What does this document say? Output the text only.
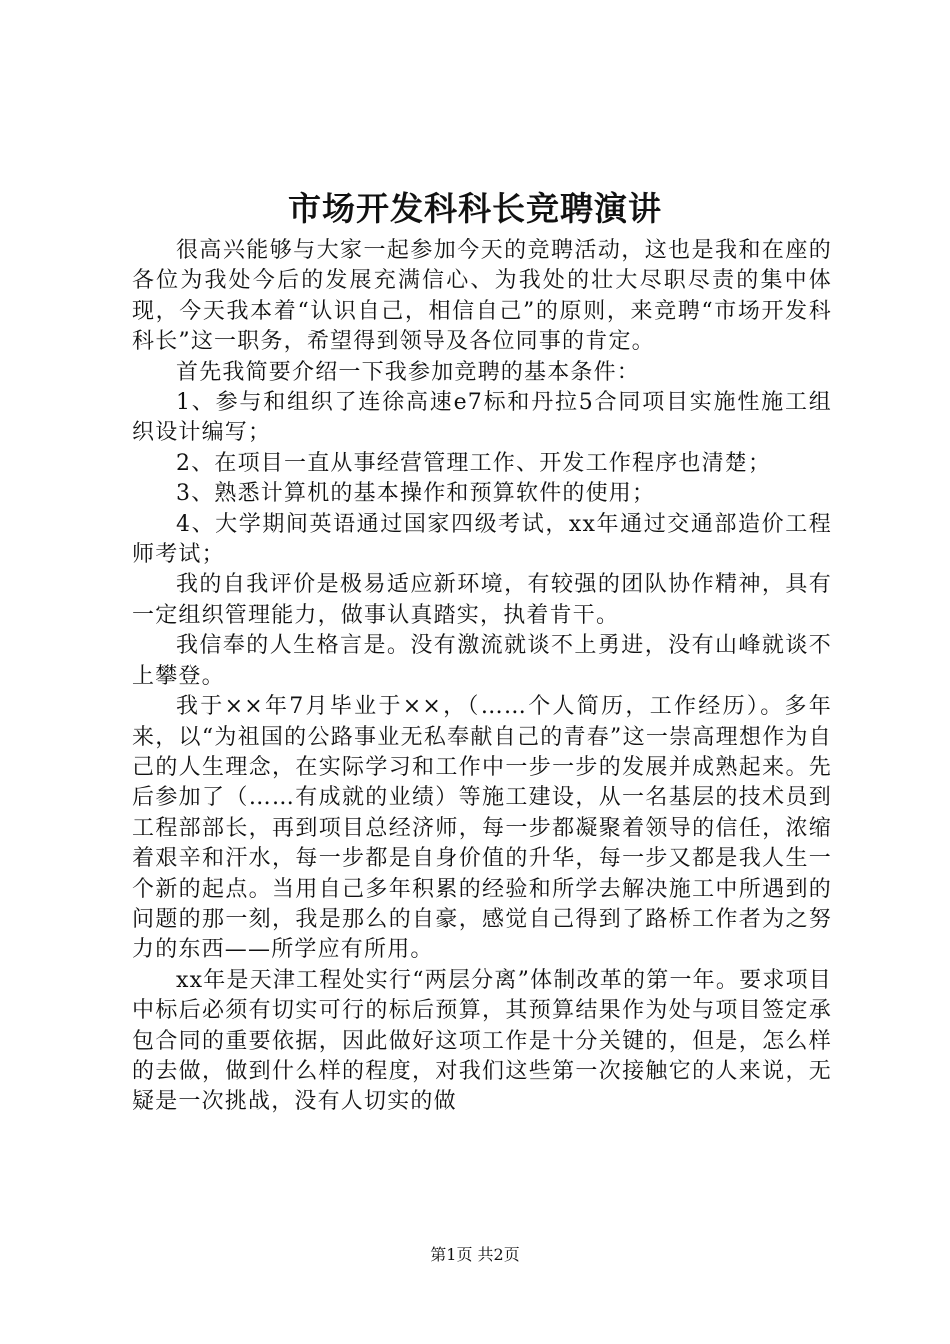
市场开发科科长竞聘演讲

很高兴能够与大家一起参加今天的竞聘活动，这也是我和在座的各位为我处今后的发展充满信心、为我处的壮大尽职尽责的集中体现，今天我本着“认识自己，相信自己”的原则，来竞聘“市场开发科科长”这一职务，希望得到领导及各位同事的肯定。

首先我简要介绍一下我参加竞聘的基本条件：

1、参与和组织了连徐高速e7标和丹拉5合同项目实施性施工组织设计编写；

2、在项目一直从事经营管理工作、开发工作程序也清楚；

3、熟悉计算机的基本操作和预算软件的使用；

4、大学期间英语通过国家四级考试，xx年通过交通部造价工程师考试；

我的自我评价是极易适应新环境，有较强的团队协作精神，具有一定组织管理能力，做事认真踏实，执着肯干。

我信奉的人生格言是。没有激流就谈不上勇进，没有山峰就谈不上攀登。

我于××年7月毕业于××，（……个人简历，工作经历）。多年来，以“为祖国的公路事业无私奉献自己的青春”这一崇高理想作为自己的人生理念，在实际学习和工作中一步一步的发展并成熟起来。先后参加了（……有成就的业绩）等施工建设，从一名基层的技术员到工程部部长，再到项目总经济师，每一步都凝聚着领导的信任，浓缩着艰辛和汗水，每一步都是自身价值的升华，每一步又都是我人生一个新的起点。当用自己多年积累的经验和所学去解决施工中所遇到的问题的那一刻，我是那么的自豪，感觉自己得到了路桥工作者为之努力的东西——所学应有所用。

xx年是天津工程处实行“两层分离”体制改革的第一年。要求项目中标后必须有切实可行的标后预算，其预算结果作为处与项目签定承包合同的重要依据，因此做好这项工作是十分关键的，但是，怎么样的去做，做到什么样的程度，对我们这些第一次接触它的人来说，无疑是一次挑战，没有人切实的做

第1页 共2页
